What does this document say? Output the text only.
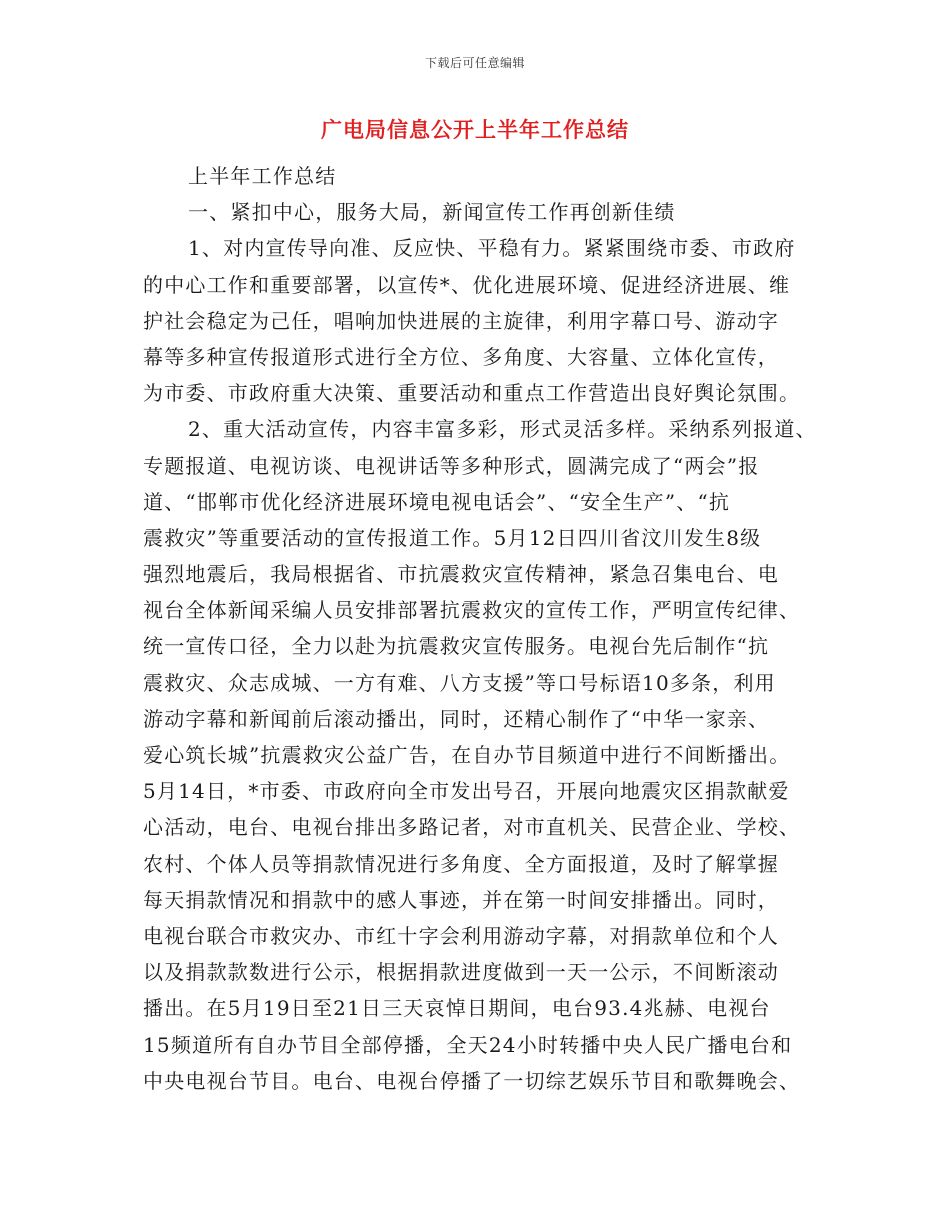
下载后可任意编辑
广电局信息公开上半年工作总结
上半年工作总结
一、紧扣中心，服务大局，新闻宣传工作再创新佳绩
1、对内宣传导向准、反应快、平稳有力。紧紧围绕市委、市政府
的中心工作和重要部署，以宣传*、优化进展环境、促进经济进展、维
护社会稳定为己任，唱响加快进展的主旋律，利用字幕口号、游动字
幕等多种宣传报道形式进行全方位、多角度、大容量、立体化宣传，
为市委、市政府重大决策、重要活动和重点工作营造出良好舆论氛围。
2、重大活动宣传，内容丰富多彩，形式灵活多样。采纳系列报道、
专题报道、电视访谈、电视讲话等多种形式，圆满完成了“两会”报
道、“邯郸市优化经济进展环境电视电话会”、“安全生产”、“抗
震救灾”等重要活动的宣传报道工作。5月12日四川省汶川发生8级
强烈地震后，我局根据省、市抗震救灾宣传精神，紧急召集电台、电
视台全体新闻采编人员安排部署抗震救灾的宣传工作，严明宣传纪律、
统一宣传口径，全力以赴为抗震救灾宣传服务。电视台先后制作“抗
震救灾、众志成城、一方有难、八方支援”等口号标语10多条，利用
游动字幕和新闻前后滚动播出，同时，还精心制作了“中华一家亲、
爱心筑长城”抗震救灾公益广告，在自办节目频道中进行不间断播出。
5月14日，*市委、市政府向全市发出号召，开展向地震灾区捐款献爱
心活动，电台、电视台排出多路记者，对市直机关、民营企业、学校、
农村、个体人员等捐款情况进行多角度、全方面报道，及时了解掌握
每天捐款情况和捐款中的感人事迹，并在第一时间安排播出。同时，
电视台联合市救灾办、市红十字会利用游动字幕，对捐款单位和个人
以及捐款款数进行公示，根据捐款进度做到一天一公示，不间断滚动
播出。在5月19日至21日三天哀悼日期间，电台93.4兆赫、电视台
15频道所有自办节目全部停播，全天24小时转播中央人民广播电台和
中央电视台节目。电台、电视台停播了一切综艺娱乐节目和歌舞晚会、
